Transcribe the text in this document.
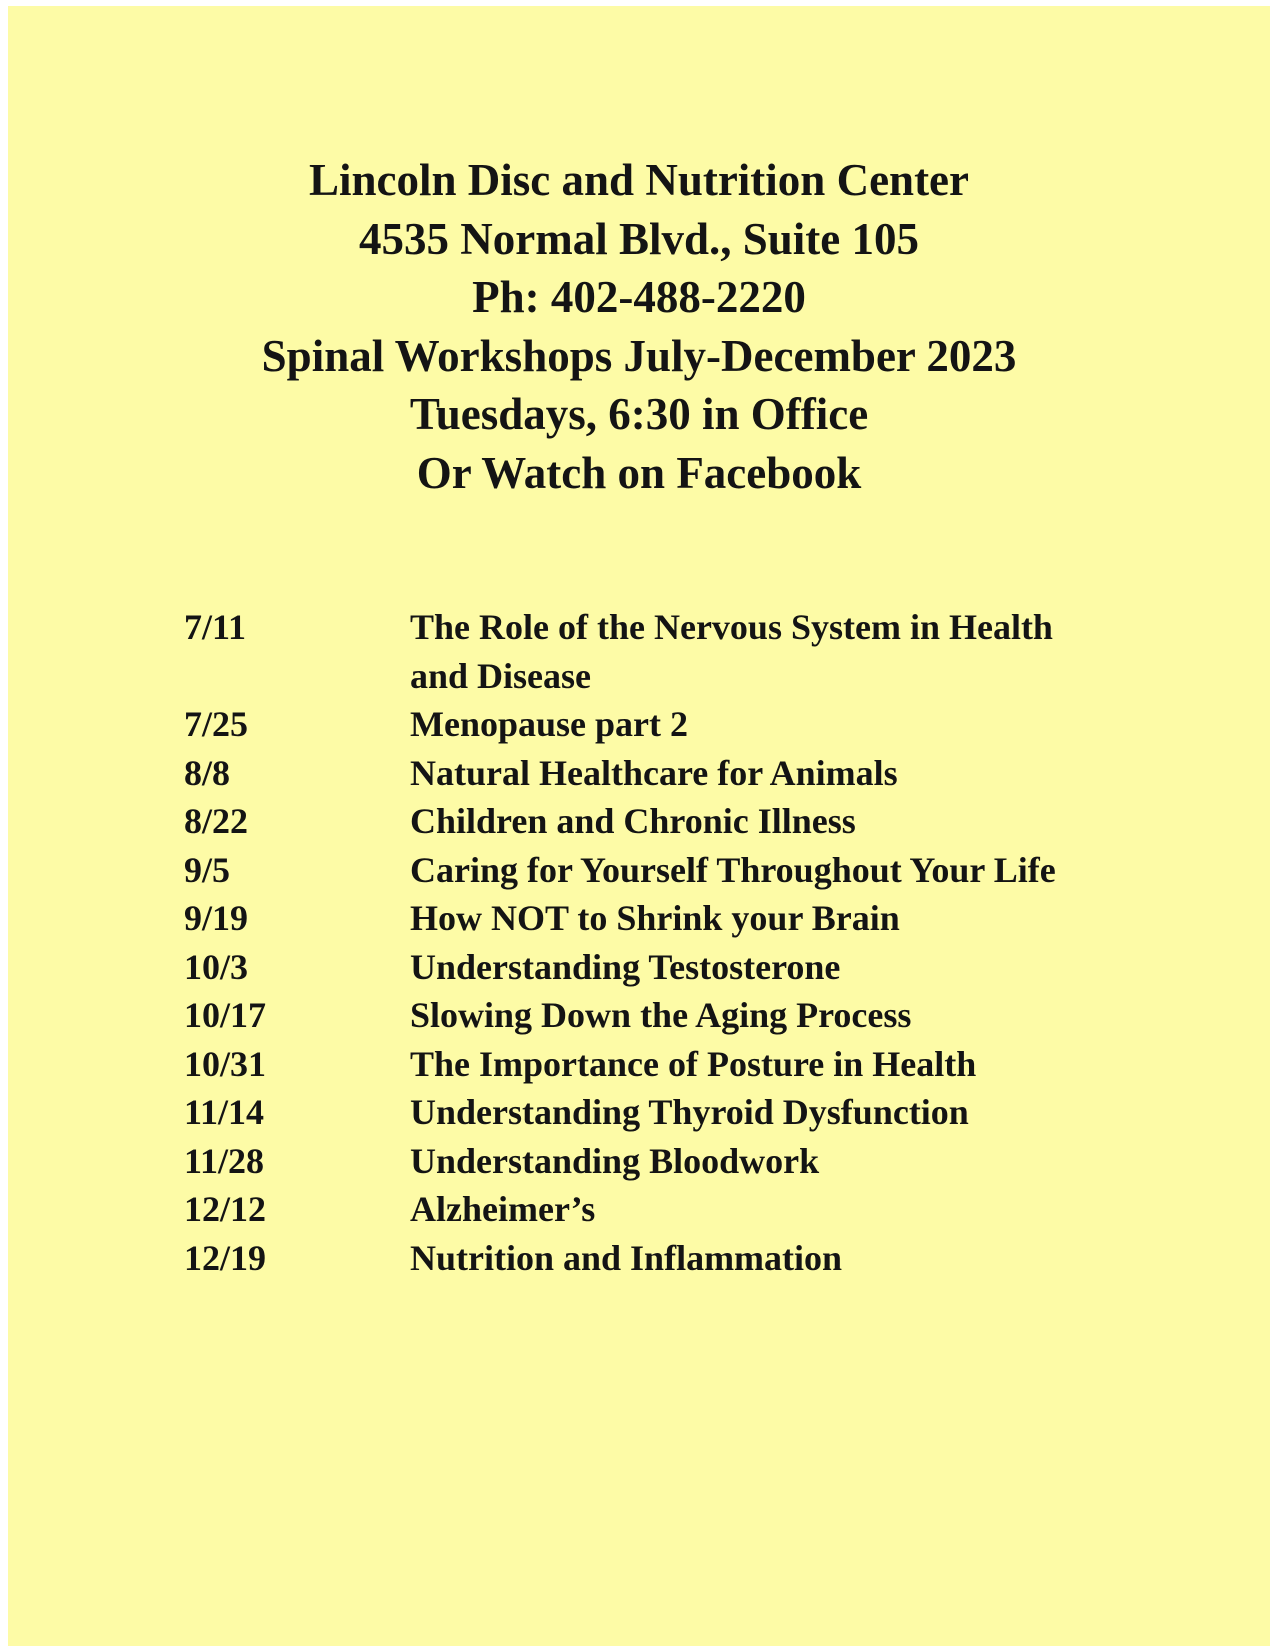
Lincoln Disc and Nutrition Center
4535 Normal Blvd., Suite 105
Ph: 402-488-2220
Spinal Workshops July-December 2023
Tuesdays, 6:30 in Office
Or Watch on Facebook
7/11	The Role of the Nervous System in Health and Disease
7/25	Menopause part 2
8/8	Natural Healthcare for Animals
8/22	Children and Chronic Illness
9/5	Caring for Yourself Throughout Your Life
9/19	How NOT to Shrink your Brain
10/3	Understanding Testosterone
10/17	Slowing Down the Aging Process
10/31	The Importance of Posture in Health
11/14	Understanding Thyroid Dysfunction
11/28	Understanding Bloodwork
12/12	Alzheimer’s
12/19	Nutrition and Inflammation
